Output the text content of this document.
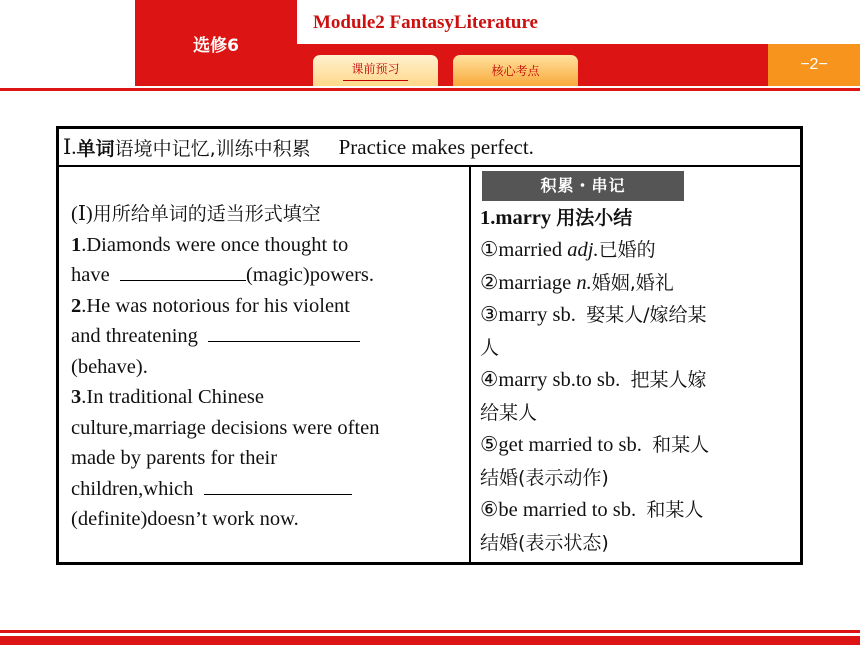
选修6
Module2 FantasyLiterature
课前预习	核心考点	−2−
Ⅰ. 单词 语境中记忆,训练中积累 Practice makes perfect.
(Ⅰ)用所给单词的适当形式填空
1.Diamonds were once thought to
have	(magic)powers.
2.He was notorious for his violent
and threatening
(behave).
3.In traditional Chinese
culture,marriage decisions were often
made by parents for their
children,which
(definite)doesn’t work now.
积累・串记
1.marry 用法小结
①married adj.已婚的
②marriage n.婚姻,婚礼
③marry sb.  娶某人/嫁给某
人
④marry sb.to sb.  把某人嫁
给某人
⑤get married to sb.  和某人
结婚(表示动作)
⑥be married to sb.  和某人
结婚(表示状态)
